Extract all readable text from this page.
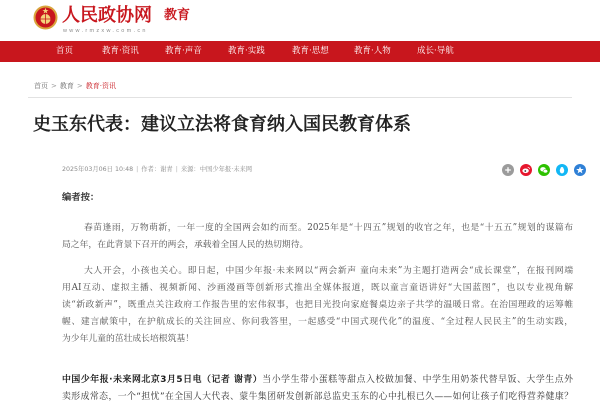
人民政协网
www.rmzxw.com.cn
教育
首页	教育·资讯	教育·声音	教育·实践	教育·思想	教育·人物	成长·导航
首页 > 教育 > 教育·资讯
史玉东代表：建议立法将食育纳入国民教育体系
2025年03月06日 10:48 | 作者：谢青 | 来源：中国少年报·未来网
编者按：
春苗逢雨，万物萌新，一年一度的全国两会如约而至。2025年是“十四五”规划的收官之年，也是“十五五”规划的谋篇布
局之年，在此背景下召开的两会，承载着全国人民的热切期待。
大人开会，小孩也关心。即日起，中国少年报·未来网以“两会新声 童向未来”为主题打造两会“成长课堂”，在报刊网端
用AI互动、虚拟主播、视频新闻、沙画漫画等创新形式推出全媒体报道，既以童言童语讲好“大国蓝图”，也以专业视角解
读“新政新声”，既重点关注政府工作报告里的宏伟叙事，也把目光投向家庭餐桌边亲子共学的温暖日常。在治国理政的运筹帷
幄、建言献策中，在护航成长的关注回应、你问我答里，一起感受“中国式现代化”的温度、“全过程人民民主”的生动实践，
为少年儿童的茁壮成长培根筑基！
中国少年报·未来网北京3月5日电（记者 谢青）当小学生带小蛋糕等甜点入校做加餐、中学生用奶茶代替早饭、大学生点外
卖形成常态，一个“担忧”在全国人大代表、蒙牛集团研发创新部总监史玉东的心中扎根已久——如何让孩子们吃得营养健康？
